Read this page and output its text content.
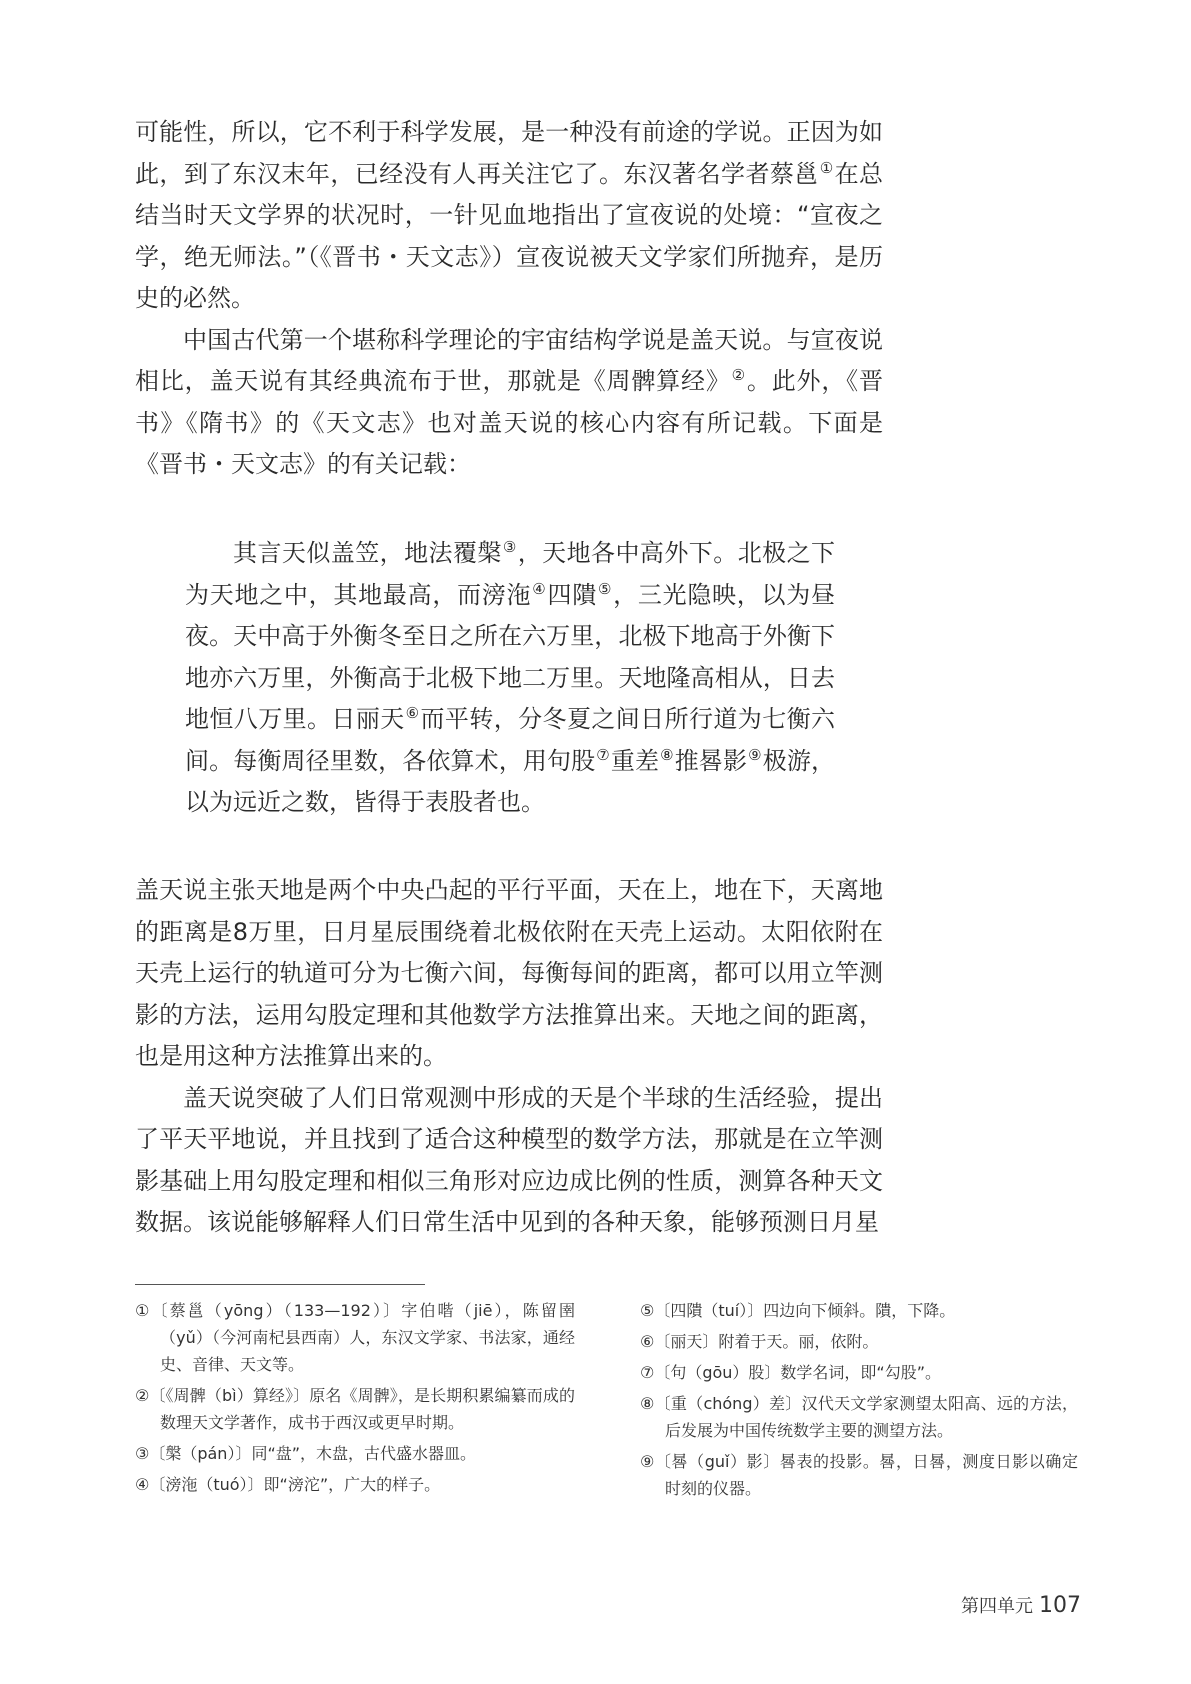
可能性，所以，它不利于科学发展，是一种没有前途的学说。正因为如此，到了东汉末年，已经没有人再关注它了。东汉著名学者蔡邕①在总结当时天文学界的状况时，一针见血地指出了宣夜说的处境：“宣夜之学，绝无师法。”（《晋书・天文志》）宣夜说被天文学家们所抛弃，是历史的必然。

中国古代第一个堪称科学理论的宇宙结构学说是盖天说。与宣夜说相比，盖天说有其经典流布于世，那就是《周髀算经》②。此外，《晋书》《隋书》的《天文志》也对盖天说的核心内容有所记载。下面是《晋书・天文志》的有关记载：

其言天似盖笠，地法覆槃③，天地各中高外下。北极之下为天地之中，其地最高，而滂沲④四隤⑤，三光隐映，以为昼夜。天中高于外衡冬至日之所在六万里，北极下地高于外衡下地亦六万里，外衡高于北极下地二万里。天地隆高相从，日去地恒八万里。日丽天⑥而平转，分冬夏之间日所行道为七衡六间。每衡周径里数，各依算术，用句股⑦重差⑧推晷影⑨极游，以为远近之数，皆得于表股者也。

盖天说主张天地是两个中央凸起的平行平面，天在上，地在下，天离地的距离是8万里，日月星辰围绕着北极依附在天壳上运动。太阳依附在天壳上运行的轨道可分为七衡六间，每衡每间的距离，都可以用立竿测影的方法，运用勾股定理和其他数学方法推算出来。天地之间的距离，也是用这种方法推算出来的。

盖天说突破了人们日常观测中形成的天是个半球的生活经验，提出了平天平地说，并且找到了适合这种模型的数学方法，那就是在立竿测影基础上用勾股定理和相似三角形对应边成比例的性质，测算各种天文数据。该说能够解释人们日常生活中见到的各种天象，能够预测日月星

①〔蔡邕（yōng）（133—192）〕字伯喈（jiē），陈留圉（yǔ）（今河南杞县西南）人，东汉文学家、书法家，通经史、音律、天文等。

②〔《周髀（bì）算经》〕原名《周髀》，是长期积累编纂而成的数理天文学著作，成书于西汉或更早时期。

③〔槃（pán）〕同“盘”，木盘，古代盛水器皿。

④〔滂沲（tuó）〕即“滂沱”，广大的样子。

⑤〔四隤（tuí）〕四边向下倾斜。隤，下降。

⑥〔丽天〕附着于天。丽，依附。

⑦〔句（gōu）股〕数学名词，即“勾股”。

⑧〔重（chóng）差〕汉代天文学家测望太阳高、远的方法，后发展为中国传统数学主要的测望方法。

⑨〔晷（guǐ）影〕晷表的投影。晷，日晷，测度日影以确定时刻的仪器。

第四单元 107
